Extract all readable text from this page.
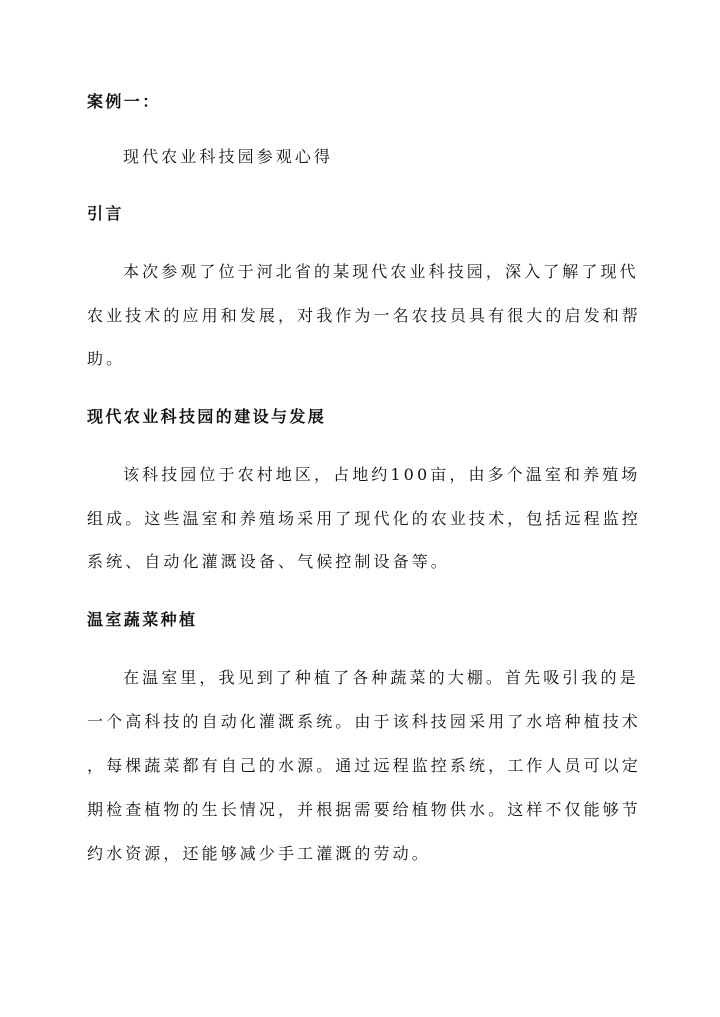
案例一：
现代农业科技园参观心得
引言
本次参观了位于河北省的某现代农业科技园，深入了解了现代
农业技术的应用和发展，对我作为一名农技员具有很大的启发和帮
助。
现代农业科技园的建设与发展
该科技园位于农村地区，占地约100亩，由多个温室和养殖场
组成。这些温室和养殖场采用了现代化的农业技术，包括远程监控
系统、自动化灌溉设备、气候控制设备等。
温室蔬菜种植
在温室里，我见到了种植了各种蔬菜的大棚。首先吸引我的是
一个高科技的自动化灌溉系统。由于该科技园采用了水培种植技术
，每棵蔬菜都有自己的水源。通过远程监控系统，工作人员可以定
期检查植物的生长情况，并根据需要给植物供水。这样不仅能够节
约水资源，还能够减少手工灌溉的劳动。
